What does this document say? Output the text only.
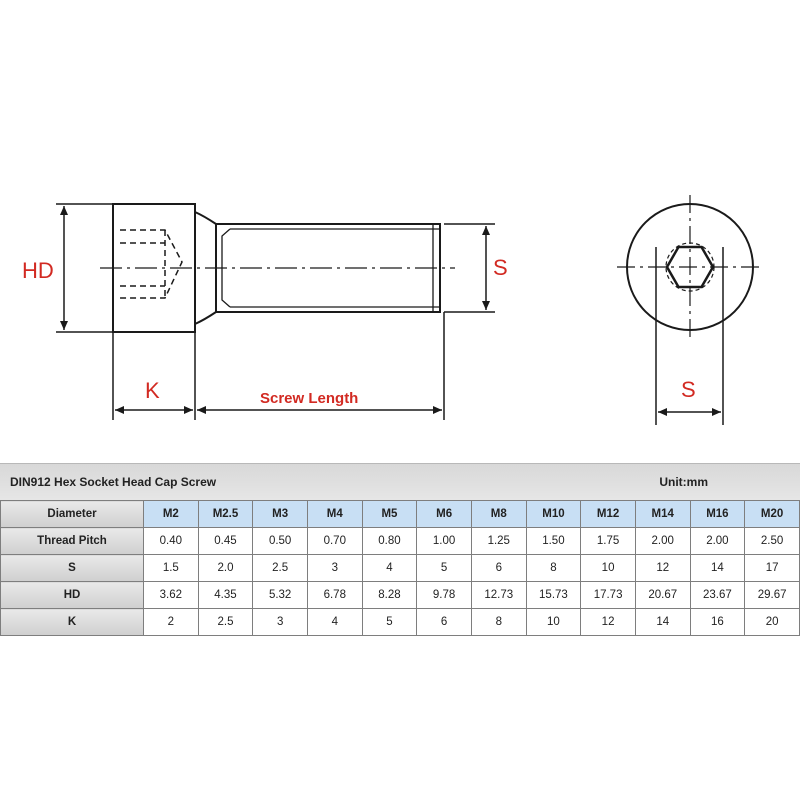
HD	S
K	Screw Length	S
DIN912 Hex Socket Head Cap Screw	Unit:mm
Diameter	M2	M2.5	M3	M4	M5	M6	M8	M10	M12	M14	M16	M20
Thread Pitch	0.40	0.45	0.50	0.70	0.80	1.00	1.25	1.50	1.75	2.00	2.00	2.50
S	1.5	2.0	2.5	3	4	5	6	8	10	12	14	17
HD	3.62	4.35	5.32	6.78	8.28	9.78	12.73	15.73	17.73	20.67	23.67	29.67
K	2	2.5	3	4	5	6	8	10	12	14	16	20
